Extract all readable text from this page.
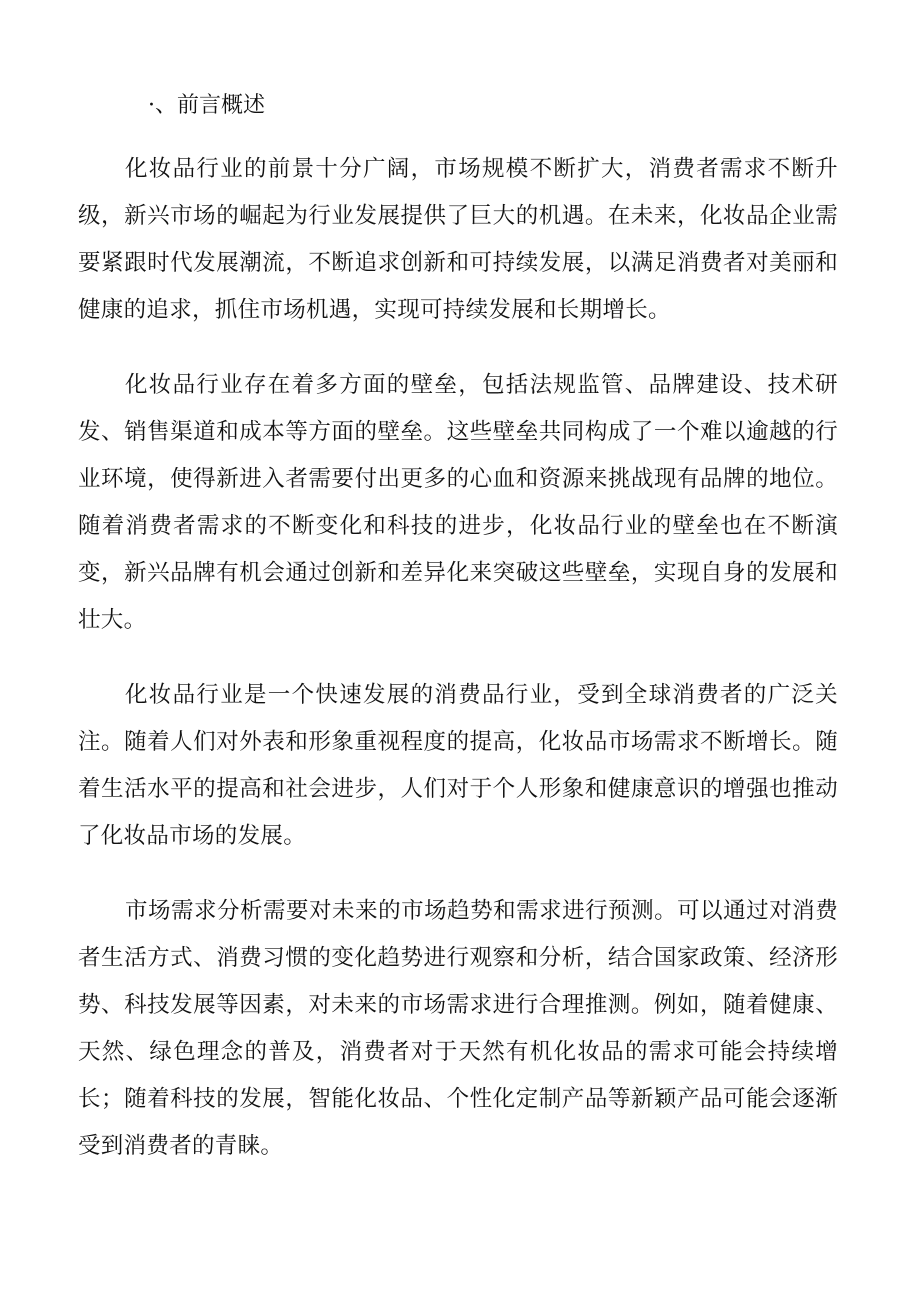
·、前言概述

化妆品行业的前景十分广阔，市场规模不断扩大，消费者需求不断升级，新兴市场的崛起为行业发展提供了巨大的机遇。在未来，化妆品企业需要紧跟时代发展潮流，不断追求创新和可持续发展，以满足消费者对美丽和健康的追求，抓住市场机遇，实现可持续发展和长期增长。

化妆品行业存在着多方面的壁垒，包括法规监管、品牌建设、技术研发、销售渠道和成本等方面的壁垒。这些壁垒共同构成了一个难以逾越的行业环境，使得新进入者需要付出更多的心血和资源来挑战现有品牌的地位。随着消费者需求的不断变化和科技的进步，化妆品行业的壁垒也在不断演变，新兴品牌有机会通过创新和差异化来突破这些壁垒，实现自身的发展和壮大。

化妆品行业是一个快速发展的消费品行业，受到全球消费者的广泛关注。随着人们对外表和形象重视程度的提高，化妆品市场需求不断增长。随着生活水平的提高和社会进步，人们对于个人形象和健康意识的增强也推动了化妆品市场的发展。

市场需求分析需要对未来的市场趋势和需求进行预测。可以通过对消费者生活方式、消费习惯的变化趋势进行观察和分析，结合国家政策、经济形势、科技发展等因素，对未来的市场需求进行合理推测。例如，随着健康、天然、绿色理念的普及，消费者对于天然有机化妆品的需求可能会持续增长；随着科技的发展，智能化妆品、个性化定制产品等新颖产品可能会逐渐受到消费者的青睐。
